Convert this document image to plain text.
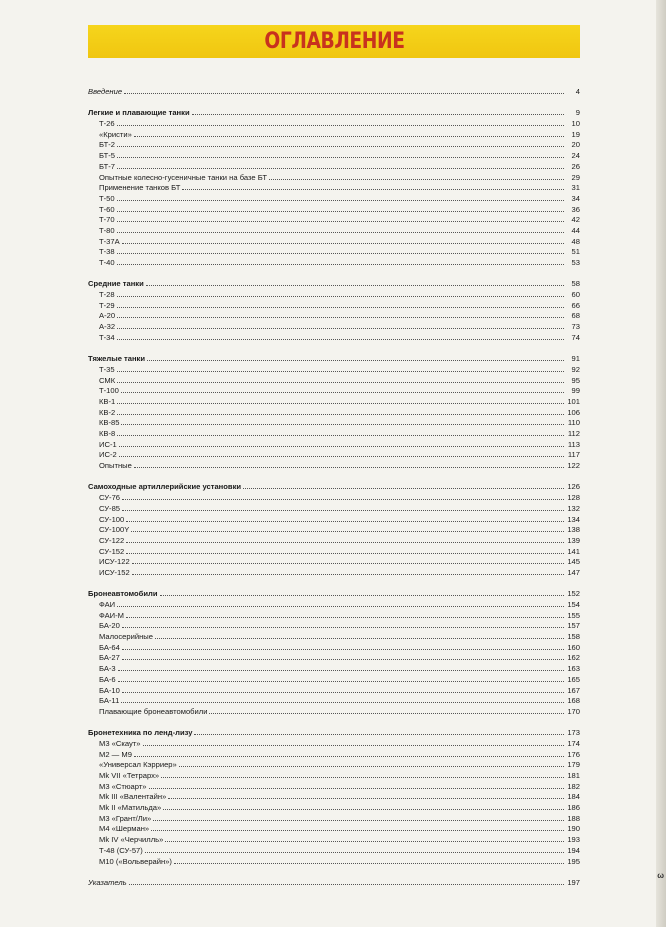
ω
ОГЛАВЛЕНИЕ
Введение	4
Легкие и плавающие танки	9
Т-26	10
«Кристи»	19
БТ-2	20
БТ-5	24
БТ-7	26
Опытные колесно-гусеничные танки на базе БТ	29
Применение танков БТ	31
Т-50	34
Т-60	36
Т-70	42
Т-80	44
Т-37А	48
Т-38	51
Т-40	53
Средние танки	58
Т-28	60
Т-29	66
А-20	68
А-32	73
Т-34	74
Тяжелые танки	91
Т-35	92
СМК	95
Т-100	99
КВ-1	101
КВ-2	106
КВ-85	110
КВ-8	112
ИС-1	113
ИС-2	117
Опытные	122
Самоходные артиллерийские установки	126
СУ-76	128
СУ-85	132
СУ-100	134
СУ-100Y	138
СУ-122	139
СУ-152	141
ИСУ-122	145
ИСУ-152	147
Бронеавтомобили	152
ФАИ	154
ФАИ-М	155
БА-20	157
Малосерийные	158
БА-64	160
БА-27	162
БА-3	163
БА-6	165
БА-10	167
БА-11	168
Плавающие бронеавтомобили	170
Бронетехника по ленд-лизу	173
М3 «Скаут»	174
М2 — М9	176
«Универсал Кэрриер»	179
Mk VII «Тетрарх»	181
М3 «Стюарт»	182
Mk III «Валентайн»	184
Mk II «Матильда»	186
М3 «Грант/Ли»	188
М4 «Шерман»	190
Mk IV «Черчилль»	193
Т-48 (СУ-57)	194
М10 («Вольверайн»)	195
Указатель	197
